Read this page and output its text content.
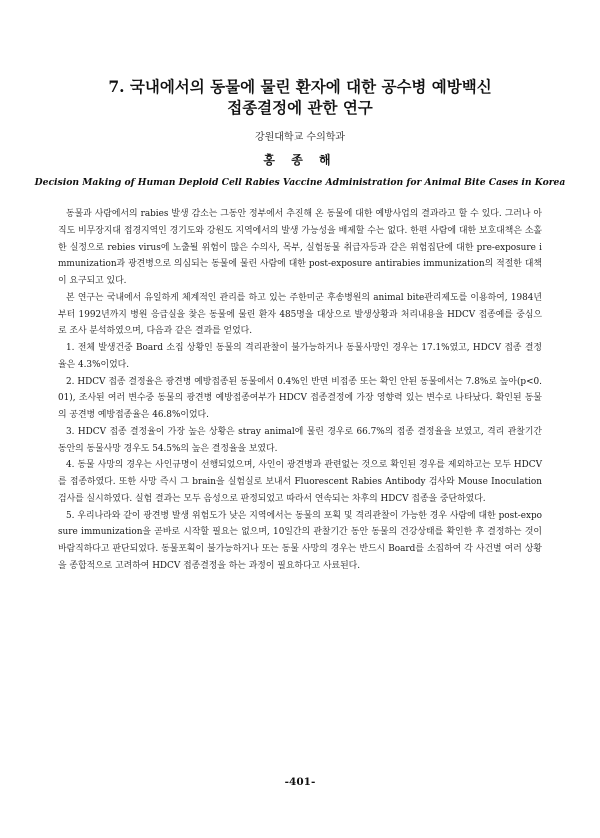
7. 국내에서의 동물에 물린 환자에 대한 공수병 예방백신
접종결정에 관한 연구
강원대학교 수의학과
홍 종 해
Decision Making of Human Deploid Cell Rabies Vaccine Administration for Animal Bite Cases in Korea

동물과 사람에서의 rabies 발생 감소는 그동안 정부에서 추진해 온 동물에 대한 예방사업의 결과라고 할 수 있다. 그러나 아직도 비무장지대 접경지역인 경기도와 강원도 지역에서의 발생 가능성을 배제할 수는 없다. 한편 사람에 대한 보호대책은 소홀한 실정으로 rebies virus에 노출될 위험이 많은 수의사, 목부, 실험동물 취급자등과 같은 위험집단에 대한 pre-exposure immunization과 광견병으로 의심되는 동물에 물린 사람에 대한 post-exposure antirabies immunization의 적절한 대책이 요구되고 있다.

본 연구는 국내에서 유일하게 체계적인 관리를 하고 있는 주한미군 후송병원의 animal bite관리제도를 이용하여, 1984년부터 1992년까지 병원 응급실을 찾은 동물에 물린 환자 485명을 대상으로 발생상황과 처리내용을 HDCV 접종예를 중심으로 조사 분석하였으며, 다음과 같은 결과를 얻었다.

1. 전체 발생건중 Board 소집 상황인 동물의 격리관찰이 불가능하거나 동물사망인 경우는 17.1%였고, HDCV 접종 결정율은 4.3%이었다.

2. HDCV 접종 결정율은 광견병 예방접종된 동물에서 0.4%인 반면 비접종 또는 확인 안된 동물에서는 7.8%로 높아(p<0.01), 조사된 여러 변수중 동물의 광견병 예방접종여부가 HDCV 접종결정에 가장 영향력 있는 변수로 나타났다. 확인된 동물의 공견병 예방접종율은 46.8%이었다.

3. HDCV 접종 결정율이 가장 높은 상황은 stray animal에 물린 경우로 66.7%의 접종 결정율을 보였고, 격리 관찰기간 동안의 동물사망 경우도 54.5%의 높은 결정율을 보였다.

4. 동물 사망의 경우는 사인규명이 선행되었으며, 사인이 광견병과 관련없는 것으로 확인된 경우를 제외하고는 모두 HDCV를 접종하였다. 또한 사망 즉시 그 brain을 실험실로 보내서 Fluorescent Rabies Antibody 검사와 Mouse Inoculation 검사를 실시하였다. 실험 결과는 모두 음성으로 판정되었고 따라서 연속되는 차후의 HDCV 접종을 중단하였다.

5. 우리나라와 같이 광견병 발생 위험도가 낮은 지역에서는 동물의 포획 및 격리관찰이 가능한 경우 사람에 대한 post-exposure immunization을 곧바로 시작할 필요는 없으며, 10일간의 관찰기간 동안 동물의 건강상태를 확인한 후 결정하는 것이 바람직하다고 판단되었다. 동물포획이 불가능하거나 또는 동물 사망의 경우는 반드시 Board를 소집하여 각 사건별 여러 상황을 종합적으로 고려하여 HDCV 접종결정을 하는 과정이 필요하다고 사료된다.

-401-
